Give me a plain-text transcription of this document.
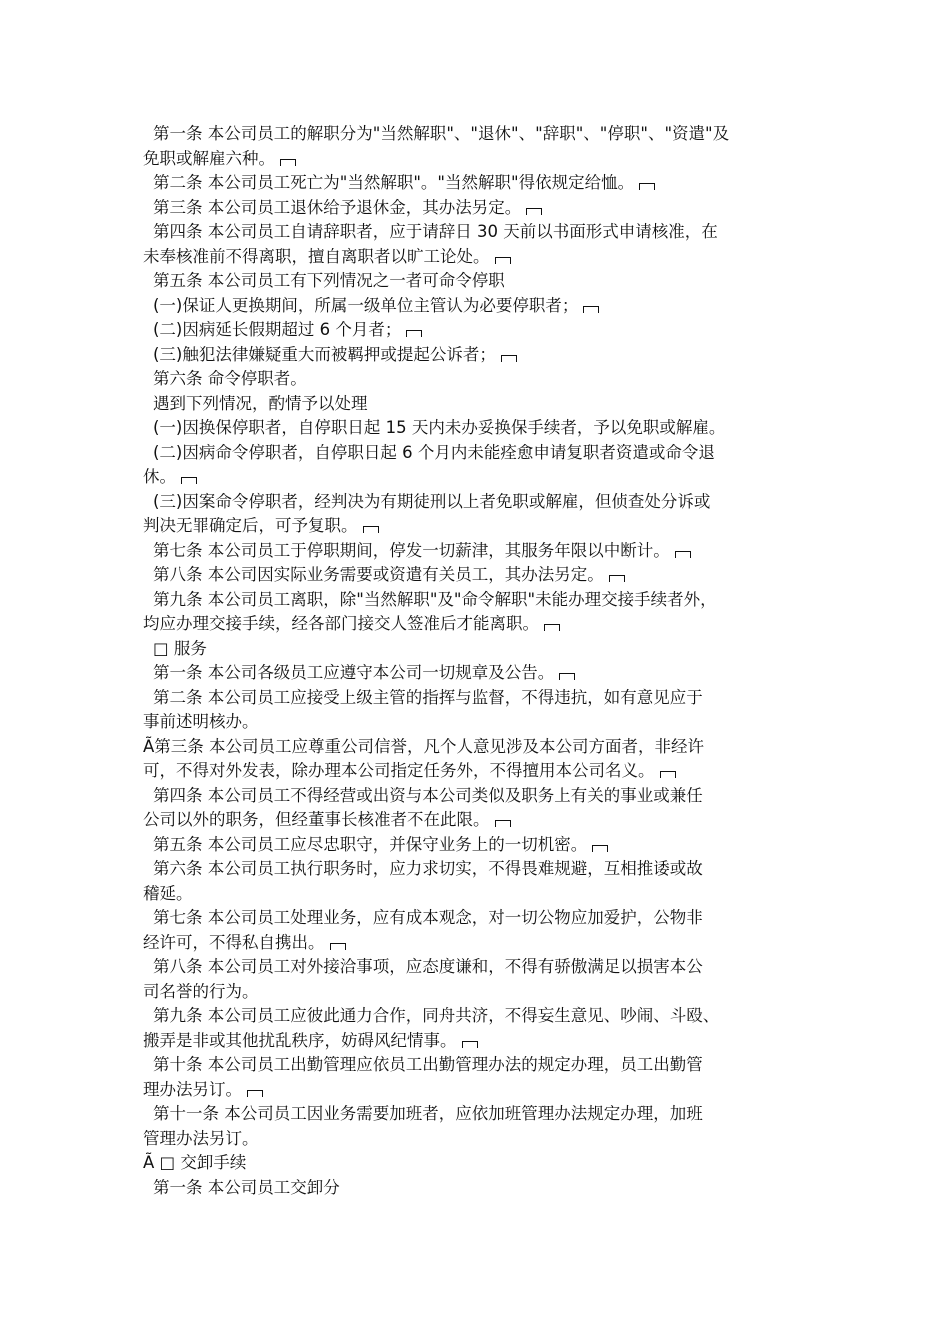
第一条 本公司员工的解职分为"当然解职"、"退休"、"辞职"、"停职"、"资遣"及

免职或解雇六种。

第二条 本公司员工死亡为"当然解职"。"当然解职"得依规定给恤。

第三条 本公司员工退休给予退休金，其办法另定。

第四条 本公司员工自请辞职者，应于请辞日 30 天前以书面形式申请核准，在

未奉核准前不得离职，擅自离职者以旷工论处。

第五条 本公司员工有下列情况之一者可命令停职

(一)保证人更换期间，所属一级单位主管认为必要停职者；

(二)因病延长假期超过 6 个月者；

(三)触犯法律嫌疑重大而被羁押或提起公诉者；

第六条 命令停职者。

遇到下列情况，酌情予以处理

(一)因换保停职者，自停职日起 15 天内未办妥换保手续者，予以免职或解雇。

(二)因病命令停职者，自停职日起 6 个月内未能痊愈申请复职者资遣或命令退

休。

(三)因案命令停职者，经判决为有期徒刑以上者免职或解雇，但侦查处分诉或

判决无罪确定后，可予复职。

第七条 本公司员工于停职期间，停发一切薪津，其服务年限以中断计。

第八条 本公司因实际业务需要或资遣有关员工，其办法另定。

第九条 本公司员工离职，除"当然解职"及"命令解职"未能办理交接手续者外，

均应办理交接手续，经各部门接交人签准后才能离职。

□ 服务

第一条 本公司各级员工应遵守本公司一切规章及公告。

第二条 本公司员工应接受上级主管的指挥与监督，不得违抗，如有意见应于

事前述明核办。

Ã第三条 本公司员工应尊重公司信誉，凡个人意见涉及本公司方面者，非经许

可，不得对外发表，除办理本公司指定任务外，不得擅用本公司名义。

第四条 本公司员工不得经营或出资与本公司类似及职务上有关的事业或兼任

公司以外的职务，但经董事长核准者不在此限。

第五条 本公司员工应尽忠职守，并保守业务上的一切机密。

第六条 本公司员工执行职务时，应力求切实，不得畏难规避，互相推诿或故

稽延。

第七条 本公司员工处理业务，应有成本观念，对一切公物应加爱护，公物非

经许可，不得私自携出。

第八条 本公司员工对外接洽事项，应态度谦和，不得有骄傲满足以损害本公

司名誉的行为。

第九条 本公司员工应彼此通力合作，同舟共济，不得妄生意见、吵闹、斗殴、

搬弄是非或其他扰乱秩序，妨碍风纪情事。

第十条 本公司员工出勤管理应依员工出勤管理办法的规定办理，员工出勤管

理办法另订。

第十一条 本公司员工因业务需要加班者，应依加班管理办法规定办理，加班

管理办法另订。

Ã □ 交卸手续

第一条 本公司员工交卸分
